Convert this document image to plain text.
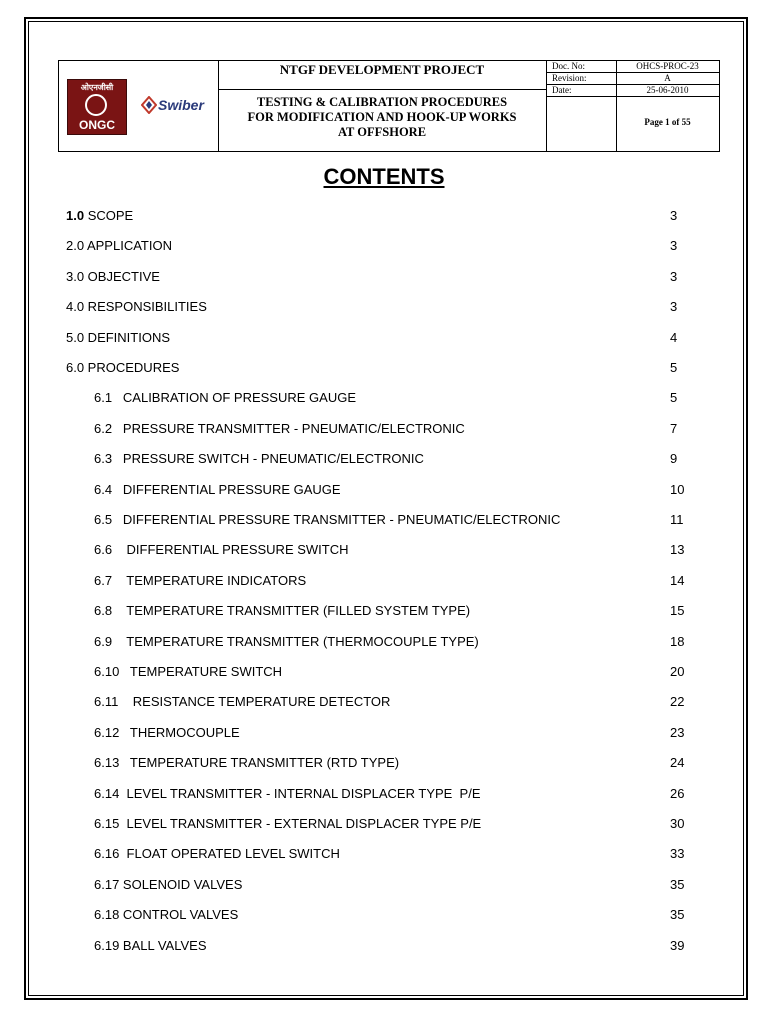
ओएनजीसी
ONGC
Swiber
NTGF DEVELOPMENT PROJECT
TESTING & CALIBRATION PROCEDURES
FOR MODIFICATION AND HOOK-UP WORKS
AT OFFSHORE
Doc. No:	OHCS-PROC-23
Revision:	A
Date:	25-06-2010
Page 1 of 55
CONTENTS
1.0 SCOPE	3
2.0 APPLICATION	3
3.0 OBJECTIVE	3
4.0 RESPONSIBILITIES	3
5.0 DEFINITIONS	4
6.0 PROCEDURES	5
6.1   CALIBRATION OF PRESSURE GAUGE	5
6.2   PRESSURE TRANSMITTER - PNEUMATIC/ELECTRONIC	7
6.3   PRESSURE SWITCH - PNEUMATIC/ELECTRONIC	9
6.4   DIFFERENTIAL PRESSURE GAUGE	10
6.5   DIFFERENTIAL PRESSURE TRANSMITTER - PNEUMATIC/ELECTRONIC	11
6.6    DIFFERENTIAL PRESSURE SWITCH	13
6.7    TEMPERATURE INDICATORS	14
6.8    TEMPERATURE TRANSMITTER (FILLED SYSTEM TYPE)	15
6.9    TEMPERATURE TRANSMITTER (THERMOCOUPLE TYPE)	18
6.10   TEMPERATURE SWITCH	20
6.11    RESISTANCE TEMPERATURE DETECTOR	22
6.12   THERMOCOUPLE	23
6.13   TEMPERATURE TRANSMITTER (RTD TYPE)	24
6.14  LEVEL TRANSMITTER - INTERNAL DISPLACER TYPE  P/E	26
6.15  LEVEL TRANSMITTER - EXTERNAL DISPLACER TYPE P/E	30
6.16  FLOAT OPERATED LEVEL SWITCH	33
6.17 SOLENOID VALVES	35
6.18 CONTROL VALVES	35
6.19 BALL VALVES	39
